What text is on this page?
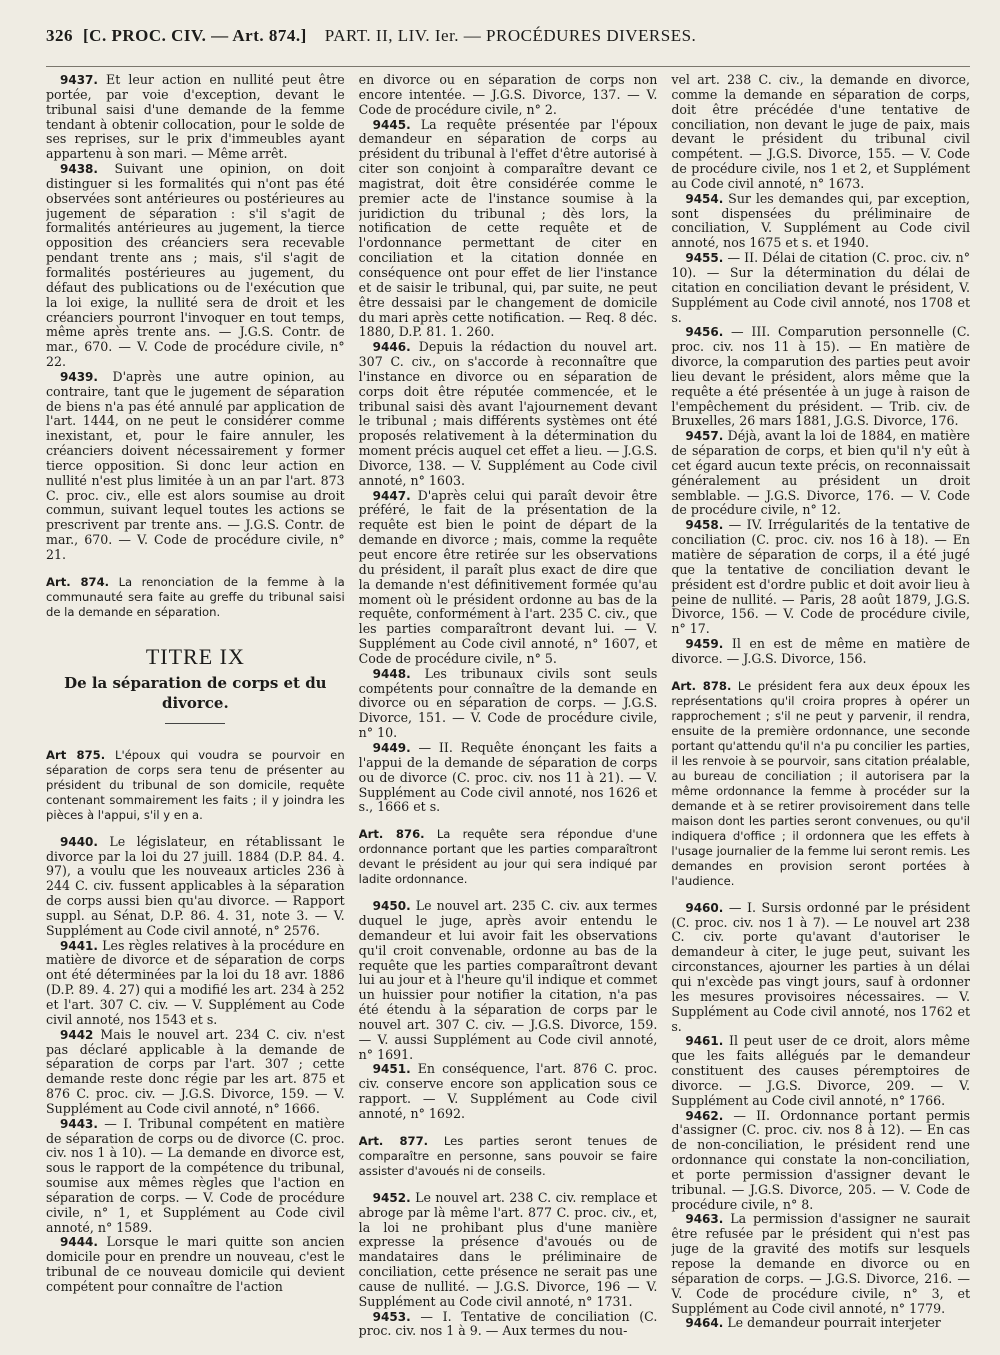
326 [C. PROC. CIV. — Art. 874.] PART. II, LIV. Ier. — PROCÉDURES DIVERSES.

9437. Et leur action en nullité peut être portée, par voie d'exception, devant le tribunal saisi d'une demande de la femme tendant à obtenir collocation, pour le solde de ses reprises, sur le prix d'immeubles ayant appartenu à son mari. — Même arrêt.

9438. Suivant une opinion, on doit distinguer si les formalités qui n'ont pas été observées sont antérieures ou postérieures au jugement de séparation : s'il s'agit de formalités antérieures au jugement, la tierce opposition des créanciers sera recevable pendant trente ans ; mais, s'il s'agit de formalités postérieures au jugement, du défaut des publications ou de l'exécution que la loi exige, la nullité sera de droit et les créanciers pourront l'invoquer en tout temps, même après trente ans. — J.G.S. Contr. de mar., 670. — V. Code de procédure civile, n° 22.

9439. D'après une autre opinion, au contraire, tant que le jugement de séparation de biens n'a pas été annulé par application de l'art. 1444, on ne peut le considérer comme inexistant, et, pour le faire annuler, les créanciers doivent nécessairement y former tierce opposition. Si donc leur action en nullité n'est plus limitée à un an par l'art. 873 C. proc. civ., elle est alors soumise au droit commun, suivant lequel toutes les actions se prescrivent par trente ans. — J.G.S. Contr. de mar., 670. — V. Code de procédure civile, n° 21.

Art. 874. La renonciation de la femme à la communauté sera faite au greffe du tribunal saisi de la demande en séparation.

TITRE IX
De la séparation de corps et du divorce.

Art 875. L'époux qui voudra se pourvoir en séparation de corps sera tenu de présenter au président du tribunal de son domicile, requête contenant sommairement les faits ; il y joindra les pièces à l'appui, s'il y en a.

9440. Le législateur, en rétablissant le divorce par la loi du 27 juill. 1884 (D.P. 84. 4. 97), a voulu que les nouveaux articles 236 à 244 C. civ. fussent applicables à la séparation de corps aussi bien qu'au divorce. — Rapport suppl. au Sénat, D.P. 86. 4. 31, note 3. — V. Supplément au Code civil annoté, n° 2576.

9441. Les règles relatives à la procédure en matière de divorce et de séparation de corps ont été déterminées par la loi du 18 avr. 1886 (D.P. 89. 4. 27) qui a modifié les art. 234 à 252 et l'art. 307 C. civ. — V. Supplément au Code civil annoté, nos 1543 et s.

9442 Mais le nouvel art. 234 C. civ. n'est pas déclaré applicable à la demande de séparation de corps par l'art. 307 ; cette demande reste donc régie par les art. 875 et 876 C. proc. civ. — J.G.S. Divorce, 159. — V. Supplément au Code civil annoté, n° 1666.

9443. — I. Tribunal compétent en matière de séparation de corps ou de divorce (C. proc. civ. nos 1 à 10). — La demande en divorce est, sous le rapport de la compétence du tribunal, soumise aux mêmes règles que l'action en séparation de corps. — V. Code de procédure civile, n° 1, et Supplément au Code civil annoté, n° 1589.

9444. Lorsque le mari quitte son ancien domicile pour en prendre un nouveau, c'est le tribunal de ce nouveau domicile qui devient compétent pour connaître de l'action

en divorce ou en séparation de corps non encore intentée. — J.G.S. Divorce, 137. — V. Code de procédure civile, n° 2.

9445. La requête présentée par l'époux demandeur en séparation de corps au président du tribunal à l'effet d'être autorisé à citer son conjoint à comparaître devant ce magistrat, doit être considérée comme le premier acte de l'instance soumise à la juridiction du tribunal ; dès lors, la notification de cette requête et de l'ordonnance permettant de citer en conciliation et la citation donnée en conséquence ont pour effet de lier l'instance et de saisir le tribunal, qui, par suite, ne peut être dessaisi par le changement de domicile du mari après cette notification. — Req. 8 déc. 1880, D.P. 81. 1. 260.

9446. Depuis la rédaction du nouvel art. 307 C. civ., on s'accorde à reconnaître que l'instance en divorce ou en séparation de corps doit être réputée commencée, et le tribunal saisi dès avant l'ajournement devant le tribunal ; mais différents systèmes ont été proposés relativement à la détermination du moment précis auquel cet effet a lieu. — J.G.S. Divorce, 138. — V. Supplément au Code civil annoté, n° 1603.

9447. D'après celui qui paraît devoir être préféré, le fait de la présentation de la requête est bien le point de départ de la demande en divorce ; mais, comme la requête peut encore être retirée sur les observations du président, il paraît plus exact de dire que la demande n'est définitivement formée qu'au moment où le président ordonne au bas de la requête, conformément à l'art. 235 C. civ., que les parties comparaîtront devant lui. — V. Supplément au Code civil annoté, n° 1607, et Code de procédure civile, n° 5.

9448. Les tribunaux civils sont seuls compétents pour connaître de la demande en divorce ou en séparation de corps. — J.G.S. Divorce, 151. — V. Code de procédure civile, n° 10.

9449. — II. Requête énonçant les faits a l'appui de la demande de séparation de corps ou de divorce (C. proc. civ. nos 11 à 21). — V. Supplément au Code civil annoté, nos 1626 et s., 1666 et s.

Art. 876. La requête sera répondue d'une ordonnance portant que les parties comparaîtront devant le président au jour qui sera indiqué par ladite ordonnance.

9450. Le nouvel art. 235 C. civ. aux termes duquel le juge, après avoir entendu le demandeur et lui avoir fait les observations qu'il croit convenable, ordonne au bas de la requête que les parties comparaîtront devant lui au jour et à l'heure qu'il indique et commet un huissier pour notifier la citation, n'a pas été étendu à la séparation de corps par le nouvel art. 307 C. civ. — J.G.S. Divorce, 159. — V. aussi Supplément au Code civil annoté, n° 1691.

9451. En conséquence, l'art. 876 C. proc. civ. conserve encore son application sous ce rapport. — V. Supplément au Code civil annoté, n° 1692.

Art. 877. Les parties seront tenues de comparaître en personne, sans pouvoir se faire assister d'avoués ni de conseils.

9452. Le nouvel art. 238 C. civ. remplace et abroge par là même l'art. 877 C. proc. civ., et, la loi ne prohibant plus d'une manière expresse la présence d'avoués ou de mandataires dans le préliminaire de conciliation, cette présence ne serait pas une cause de nullité. — J.G.S. Divorce, 196 — V. Supplément au Code civil annoté, n° 1731.

9453. — I. Tentative de conciliation (C. proc. civ. nos 1 à 9. — Aux termes du nou-

vel art. 238 C. civ., la demande en divorce, comme la demande en séparation de corps, doit être précédée d'une tentative de conciliation, non devant le juge de paix, mais devant le président du tribunal civil compétent. — J.G.S. Divorce, 155. — V. Code de procédure civile, nos 1 et 2, et Supplément au Code civil annoté, n° 1673.

9454. Sur les demandes qui, par exception, sont dispensées du préliminaire de conciliation, V. Supplément au Code civil annoté, nos 1675 et s. et 1940.

9455. — II. Délai de citation (C. proc. civ. n° 10). — Sur la détermination du délai de citation en conciliation devant le président, V. Supplément au Code civil annoté, nos 1708 et s.

9456. — III. Comparution personnelle (C. proc. civ. nos 11 à 15). — En matière de divorce, la comparution des parties peut avoir lieu devant le président, alors même que la requête a été présentée à un juge à raison de l'empêchement du président. — Trib. civ. de Bruxelles, 26 mars 1881, J.G.S. Divorce, 176.

9457. Déjà, avant la loi de 1884, en matière de séparation de corps, et bien qu'il n'y eût à cet égard aucun texte précis, on reconnaissait généralement au président un droit semblable. — J.G.S. Divorce, 176. — V. Code de procédure civile, n° 12.

9458. — IV. Irrégularités de la tentative de conciliation (C. proc. civ. nos 16 à 18). — En matière de séparation de corps, il a été jugé que la tentative de conciliation devant le président est d'ordre public et doit avoir lieu à peine de nullité. — Paris, 28 août 1879, J.G.S. Divorce, 156. — V. Code de procédure civile, n° 17.

9459. Il en est de même en matière de divorce. — J.G.S. Divorce, 156.

Art. 878. Le président fera aux deux époux les représentations qu'il croira propres à opérer un rapprochement ; s'il ne peut y parvenir, il rendra, ensuite de la première ordonnance, une seconde portant qu'attendu qu'il n'a pu concilier les parties, il les renvoie à se pourvoir, sans citation préalable, au bureau de conciliation ; il autorisera par la même ordonnance la femme à procéder sur la demande et à se retirer provisoirement dans telle maison dont les parties seront convenues, ou qu'il indiquera d'office ; il ordonnera que les effets à l'usage journalier de la femme lui seront remis. Les demandes en provision seront portées à l'audience.

9460. — I. Sursis ordonné par le président (C. proc. civ. nos 1 à 7). — Le nouvel art 238 C. civ. porte qu'avant d'autoriser le demandeur à citer, le juge peut, suivant les circonstances, ajourner les parties à un délai qui n'excède pas vingt jours, sauf à ordonner les mesures provisoires nécessaires. — V. Supplément au Code civil annoté, nos 1762 et s.

9461. Il peut user de ce droit, alors même que les faits allégués par le demandeur constituent des causes péremptoires de divorce. — J.G.S. Divorce, 209. — V. Supplément au Code civil annoté, n° 1766.

9462. — II. Ordonnance portant permis d'assigner (C. proc. civ. nos 8 à 12). — En cas de non-conciliation, le président rend une ordonnance qui constate la non-conciliation, et porte permission d'assigner devant le tribunal. — J.G.S. Divorce, 205. — V. Code de procédure civile, n° 8.

9463. La permission d'assigner ne saurait être refusée par le président qui n'est pas juge de la gravité des motifs sur lesquels repose la demande en divorce ou en séparation de corps. — J.G.S. Divorce, 216. — V. Code de procédure civile, n° 3, et Supplément au Code civil annoté, n° 1779.

9464. Le demandeur pourrait interjeter
